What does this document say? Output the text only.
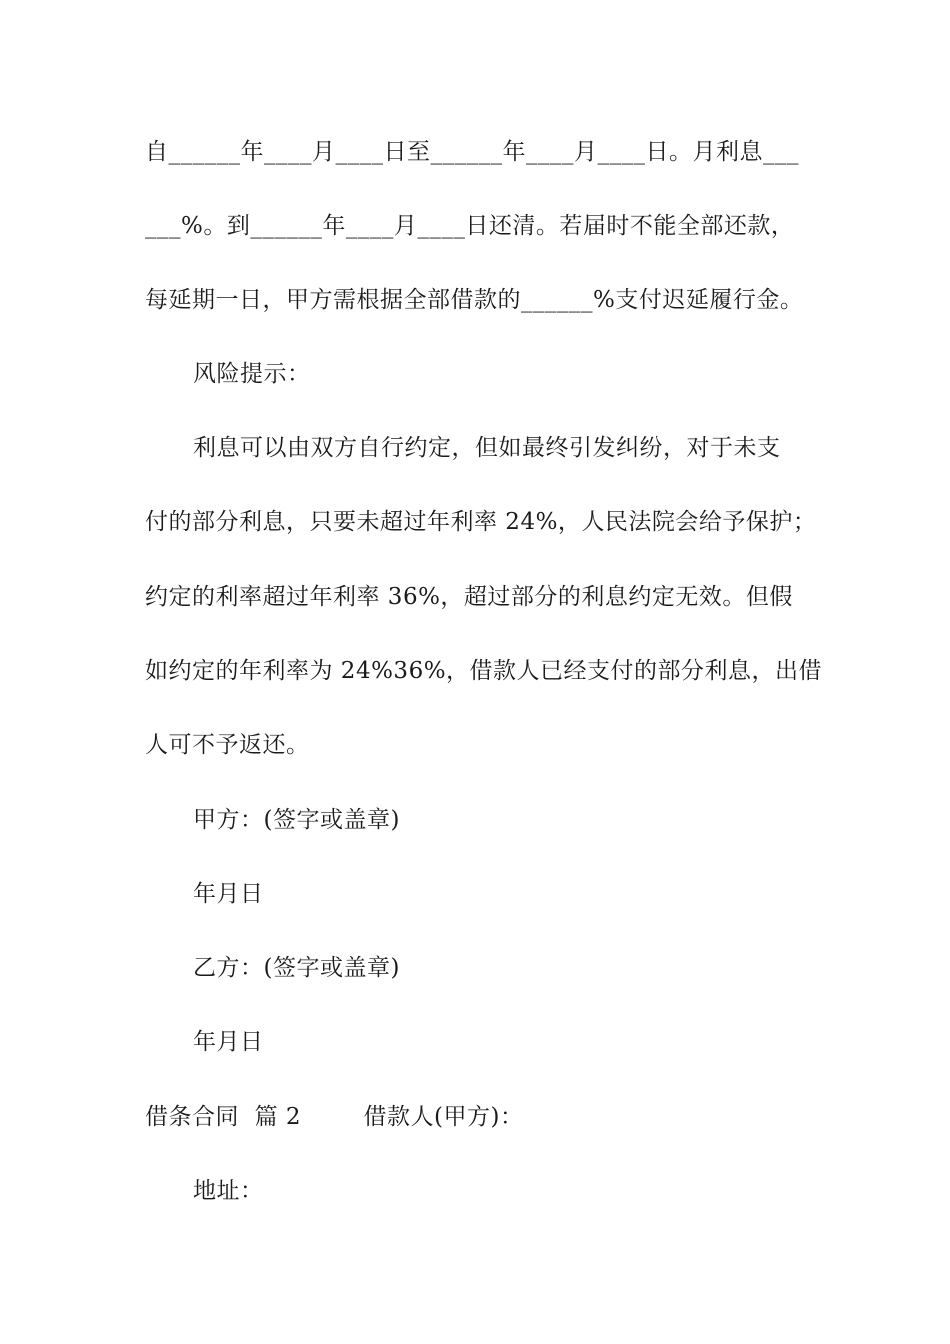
自______年____月____日至______年____月____日。月利息___
___%。到______年____月____日还清。若届时不能全部还款，
每延期一日，甲方需根据全部借款的______%支付迟延履行金。
风险提示：
利息可以由双方自行约定，但如最终引发纠纷，对于未支
付的部分利息，只要未超过年利率 24%，人民法院会给予保护；
约定的利率超过年利率 36%，超过部分的利息约定无效。但假
如约定的年利率为 24%36%，借款人已经支付的部分利息，出借
人可不予返还。
甲方：(签字或盖章)
年月日
乙方：(签字或盖章)
年月日
借条合同  篇 2        借款人(甲方)：
地址：
